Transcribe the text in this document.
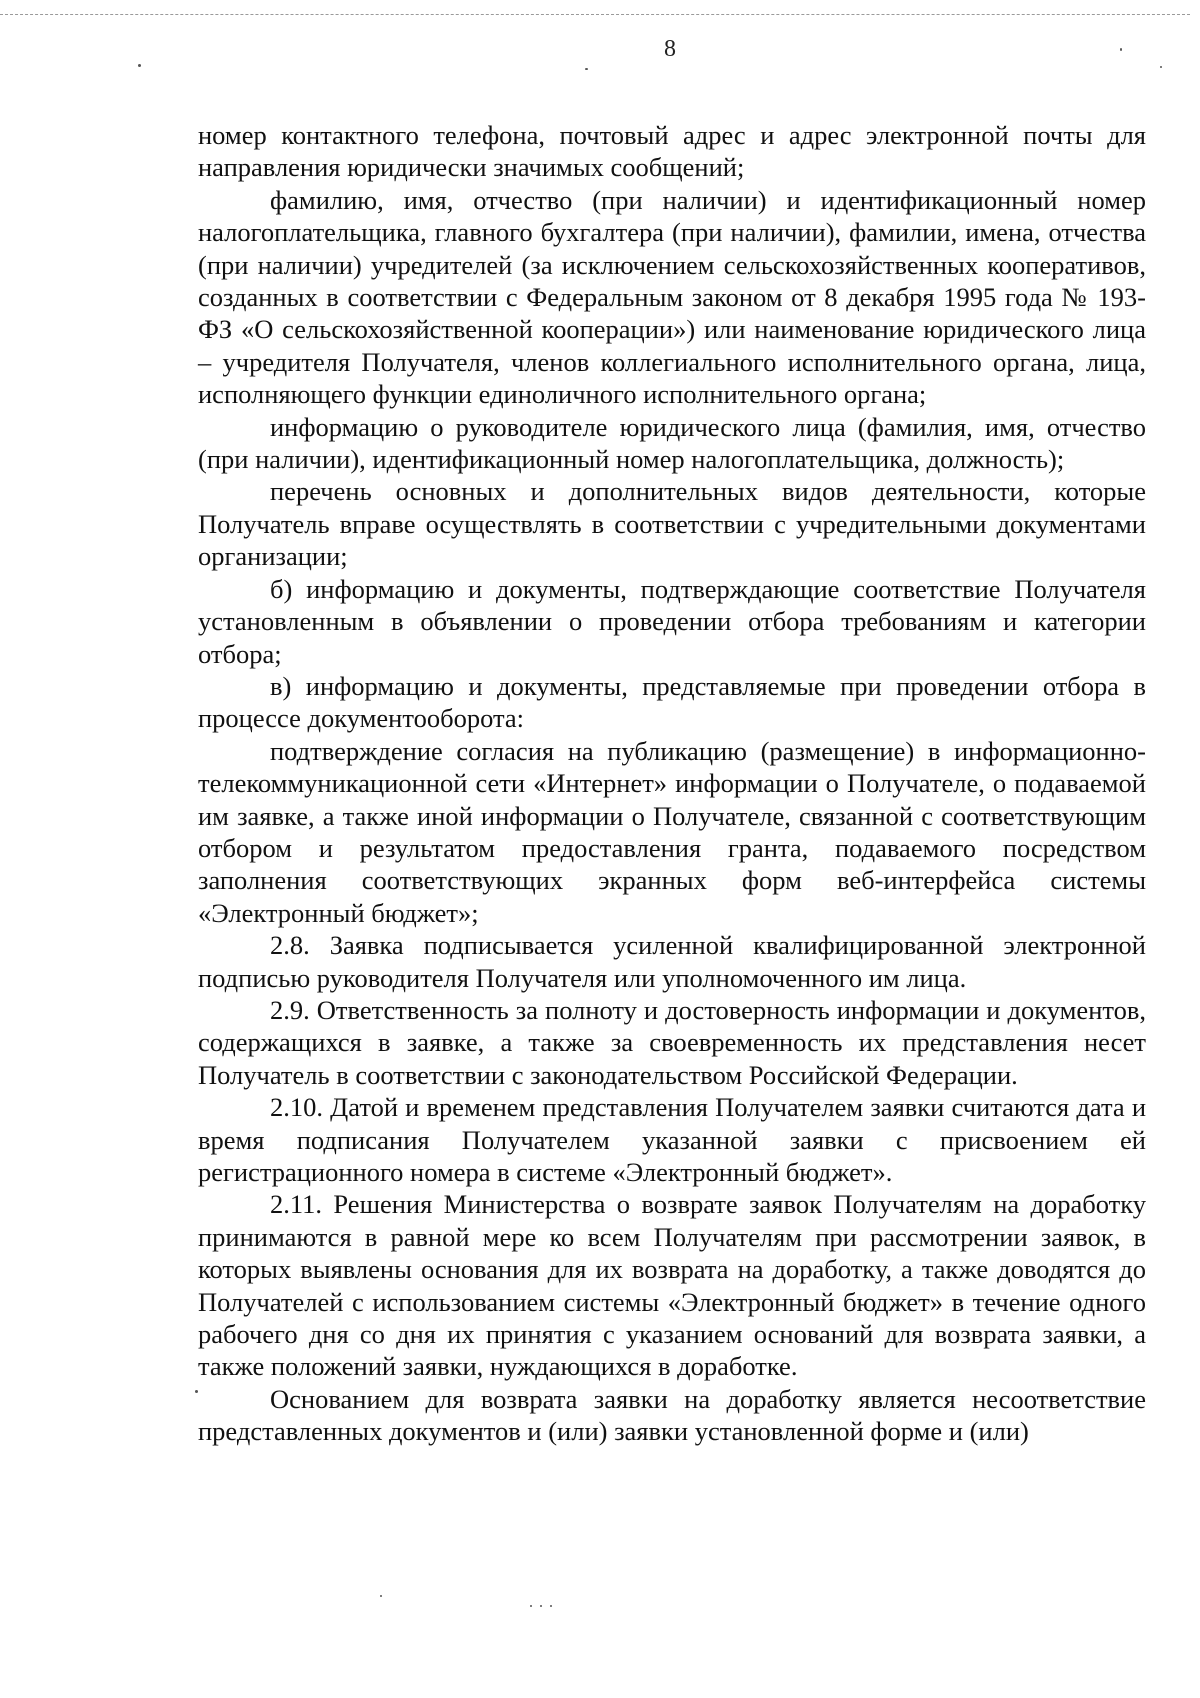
8

номер контактного телефона, почтовый адрес и адрес электронной почты для направления юридически значимых сообщений;

фамилию, имя, отчество (при наличии) и идентификационный номер налогоплательщика, главного бухгалтера (при наличии), фамилии, имена, отчества (при наличии) учредителей (за исключением сельскохозяйственных кооперативов, созданных в соответствии с Федеральным законом от 8 декабря 1995 года № 193-ФЗ «О сельскохозяйственной кооперации») или наименование юридического лица – учредителя Получателя, членов коллегиального исполнительного органа, лица, исполняющего функции единоличного исполнительного органа;

информацию о руководителе юридического лица (фамилия, имя, отчество (при наличии), идентификационный номер налогоплательщика, должность);

перечень основных и дополнительных видов деятельности, которые Получатель вправе осуществлять в соответствии с учредительными документами организации;

б) информацию и документы, подтверждающие соответствие Получателя установленным в объявлении о проведении отбора требованиям и категории отбора;

в) информацию и документы, представляемые при проведении отбора в процессе документооборота:

подтверждение согласия на публикацию (размещение) в информационно-телекоммуникационной сети «Интернет» информации о Получателе, о подаваемой им заявке, а также иной информации о Получателе, связанной с соответствующим отбором и результатом предоставления гранта, подаваемого посредством заполнения соответствующих экранных форм веб-интерфейса системы «Электронный бюджет»;

2.8. Заявка подписывается усиленной квалифицированной электронной подписью руководителя Получателя или уполномоченного им лица.

2.9. Ответственность за полноту и достоверность информации и документов, содержащихся в заявке, а также за своевременность их представления несет Получатель в соответствии с законодательством Российской Федерации.

2.10. Датой и временем представления Получателем заявки считаются дата и время подписания Получателем указанной заявки с присвоением ей регистрационного номера в системе «Электронный бюджет».

2.11. Решения Министерства о возврате заявок Получателям на доработку принимаются в равной мере ко всем Получателям при рассмотрении заявок, в которых выявлены основания для их возврата на доработку, а также доводятся до Получателей с использованием системы «Электронный бюджет» в течение одного рабочего дня со дня их принятия с указанием оснований для возврата заявки, а также положений заявки, нуждающихся в доработке.

Основанием для возврата заявки на доработку является несоответствие представленных документов и (или) заявки установленной форме и (или)
